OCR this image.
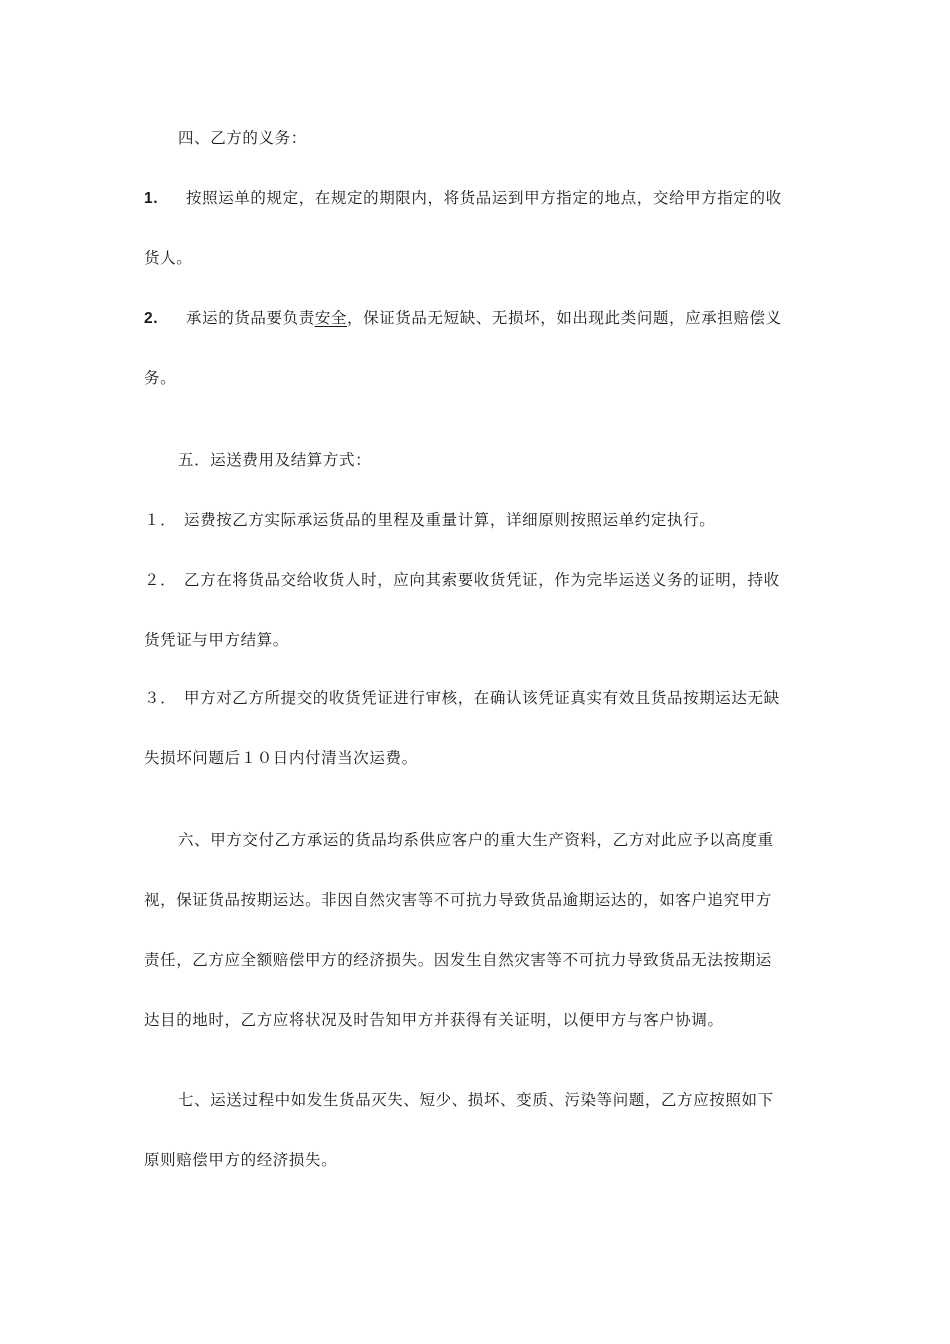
四、乙方的义务：
1. 按照运单的规定，在规定的期限内，将货品运到甲方指定的地点，交给甲方指定的收
货人。
2. 承运的货品要负责安全，保证货品无短缺、无损坏，如出现此类问题，应承担赔偿义
务。
五．运送费用及结算方式：
１． 运费按乙方实际承运货品的里程及重量计算，详细原则按照运单约定执行。
２． 乙方在将货品交给收货人时，应向其索要收货凭证，作为完毕运送义务的证明，持收
货凭证与甲方结算。
３． 甲方对乙方所提交的收货凭证进行审核，在确认该凭证真实有效且货品按期运达无缺
失损坏问题后１０日内付清当次运费。
六、甲方交付乙方承运的货品均系供应客户的重大生产资料，乙方对此应予以高度重
视，保证货品按期运达。非因自然灾害等不可抗力导致货品逾期运达的，如客户追究甲方
责任，乙方应全额赔偿甲方的经济损失。因发生自然灾害等不可抗力导致货品无法按期运
达目的地时，乙方应将状况及时告知甲方并获得有关证明，以便甲方与客户协调。
七、运送过程中如发生货品灭失、短少、损坏、变质、污染等问题，乙方应按照如下
原则赔偿甲方的经济损失。
